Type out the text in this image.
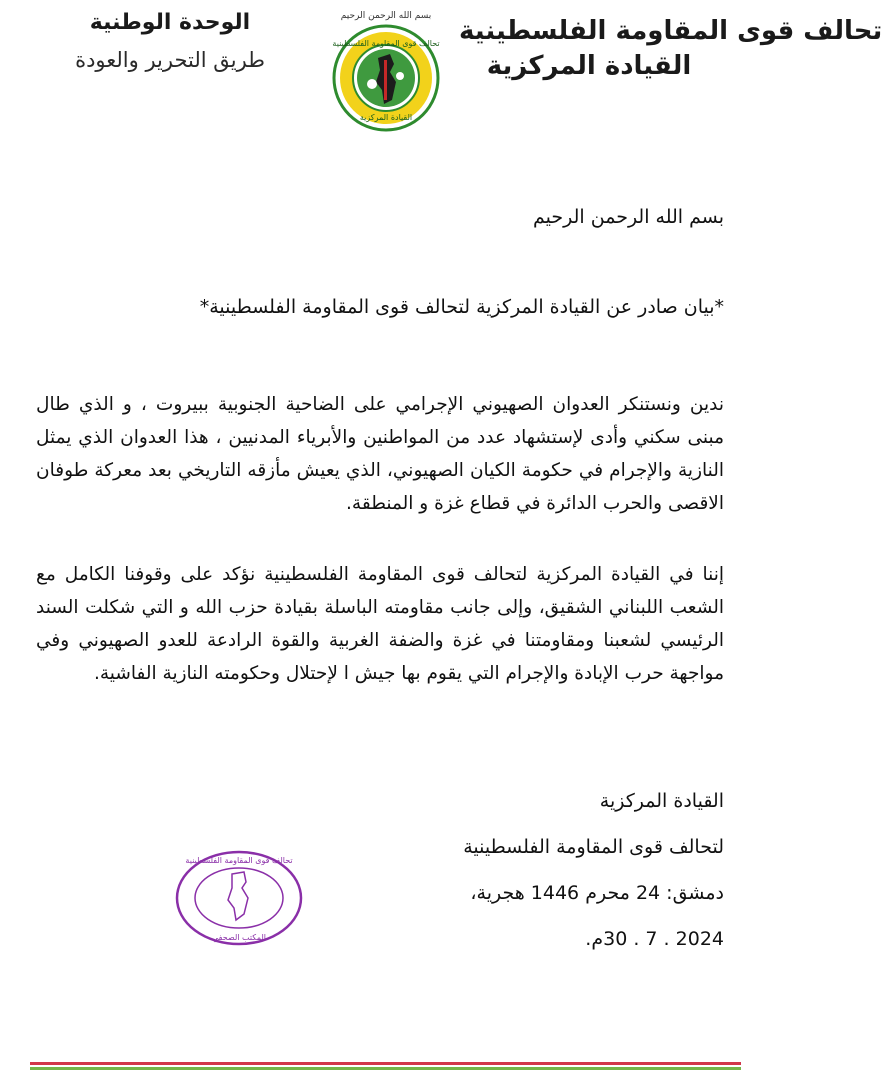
تحالف قوى المقاومة الفلسطينية
القيادة المركزية
بسم الله الرحمن الرحيم
تحالف قوى المقاومة الفلسطينية
القيادة المركزية
الوحدة الوطنية
طريق التحرير والعودة
بسم الله الرحمن الرحيم
*بيان صادر عن القيادة المركزية لتحالف قوى المقاومة الفلسطينية*
ندين ونستنكر العدوان الصهيوني الإجرامي على الضاحية الجنوبية ببيروت ، و الذي طال مبنى سكني وأدى لإستشهاد عدد من المواطنين والأبرياء المدنيين ، هذا العدوان الذي يمثل النازية والإجرام في حكومة الكيان الصهيوني، الذي يعيش مأزقه التاريخي بعد معركة طوفان الاقصى والحرب الدائرة في قطاع غزة و المنطقة.
إننا في القيادة المركزية لتحالف قوى المقاومة الفلسطينية نؤكد على وقوفنا الكامل مع الشعب اللبناني الشقيق، وإلى جانب مقاومته الباسلة بقيادة حزب الله و التي شكلت السند الرئيسي لشعبنا ومقاومتنا في غزة والضفة الغربية والقوة الرادعة للعدو الصهيوني وفي مواجهة حرب الإبادة والإجرام التي يقوم بها جيش ا لإحتلال وحكومته النازية الفاشية.
القيادة المركزية
لتحالف قوى المقاومة الفلسطينية
دمشق: 24 محرم 1446 هجرية،
2024 . 7 . 30م.
تحالف قوى المقاومة الفلسطينية
المكتب الصحفي
